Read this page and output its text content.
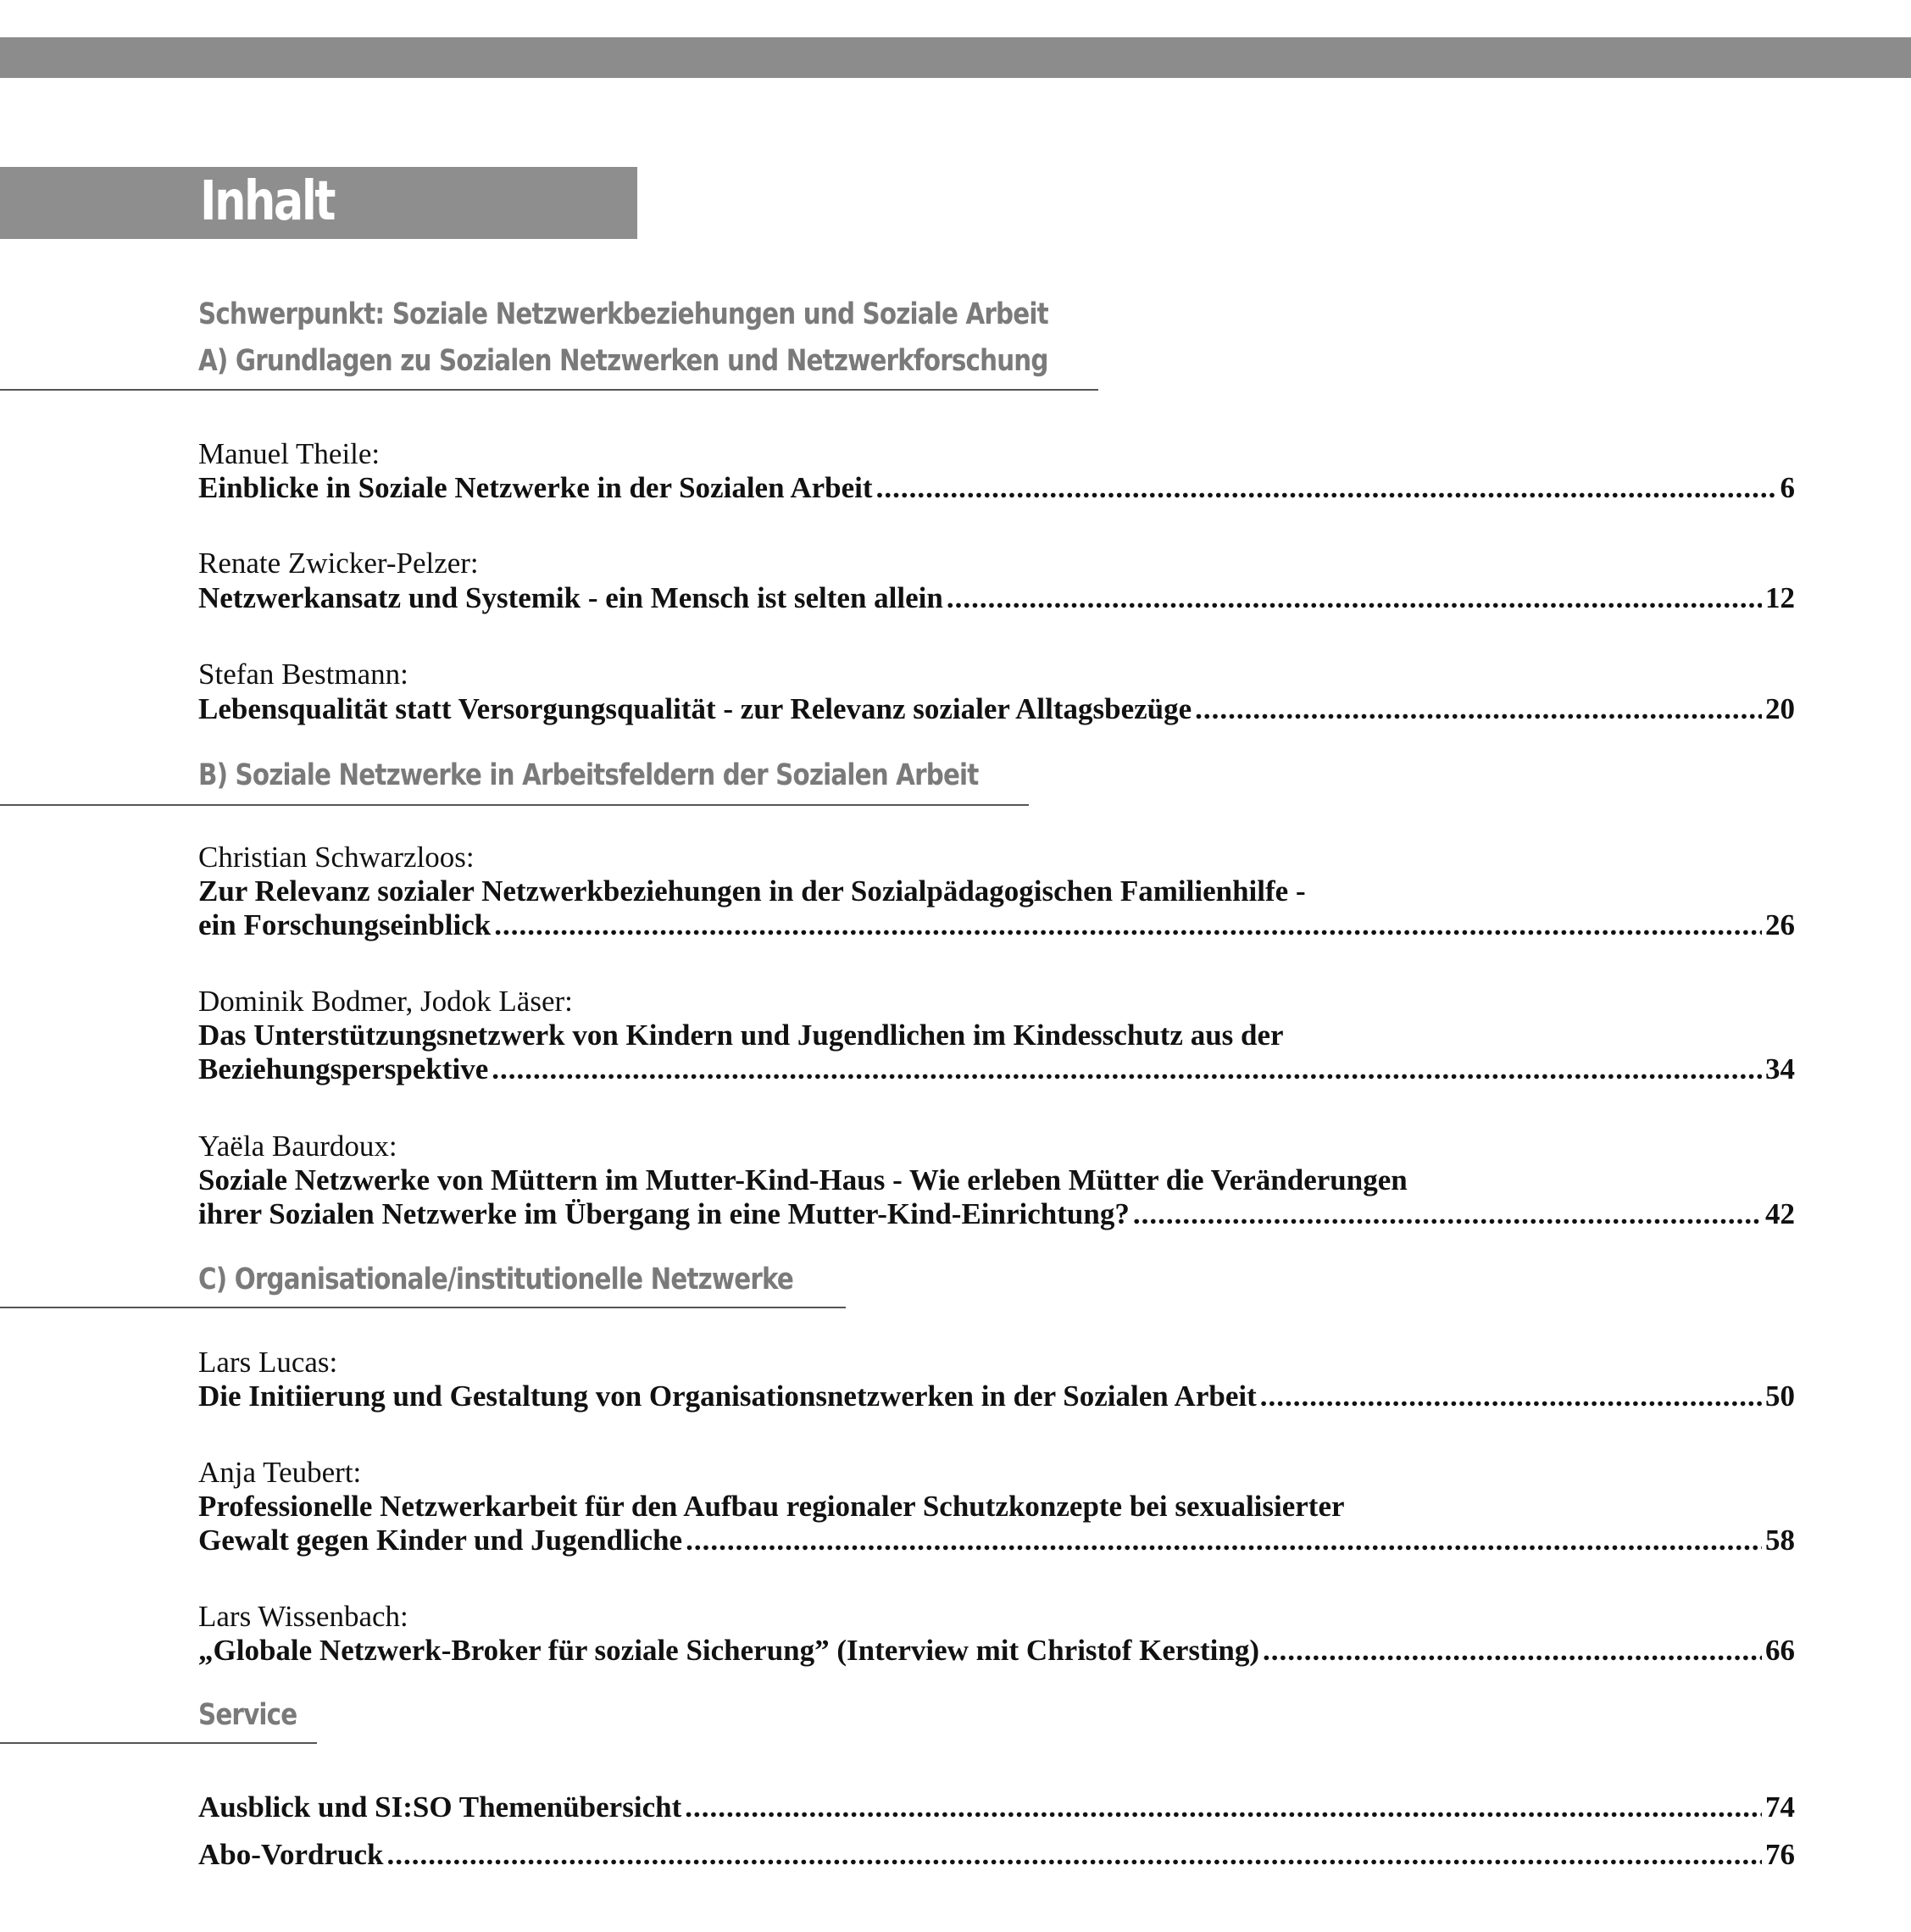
Inhalt
Schwerpunkt: Soziale Netzwerkbeziehungen und Soziale Arbeit
A) Grundlagen zu Sozialen Netzwerken und Netzwerkforschung
Manuel Theile:
Einblicke in Soziale Netzwerke in der Sozialen Arbeit .....	6
Renate Zwicker-Pelzer:
Netzwerkansatz und Systemik - ein Mensch ist selten allein .....	12
Stefan Bestmann:
Lebensqualität statt Versorgungsqualität - zur Relevanz sozialer Alltagsbezüge .....	20
B) Soziale Netzwerke in Arbeitsfeldern der Sozialen Arbeit
Christian Schwarzloos:
Zur Relevanz sozialer Netzwerkbeziehungen in der Sozialpädagogischen Familienhilfe -
ein Forschungseinblick .....	26
Dominik Bodmer, Jodok Läser:
Das Unterstützungsnetzwerk von Kindern und Jugendlichen im Kindesschutz aus der
Beziehungsperspektive .....	34
Yaëla Baurdoux:
Soziale Netzwerke von Müttern im Mutter-Kind-Haus - Wie erleben Mütter die Veränderungen
ihrer Sozialen Netzwerke im Übergang in eine Mutter-Kind-Einrichtung? .....	42
C) Organisationale/institutionelle Netzwerke
Lars Lucas:
Die Initiierung und Gestaltung von Organisationsnetzwerken in der Sozialen Arbeit .....	50
Anja Teubert:
Professionelle Netzwerkarbeit für den Aufbau regionaler Schutzkonzepte bei sexualisierter
Gewalt gegen Kinder und Jugendliche .....	58
Lars Wissenbach:
„Globale Netzwerk-Broker für soziale Sicherung” (Interview mit Christof Kersting) .....	66
Service
Ausblick und SI:SO Themenübersicht .....	74
Abo-Vordruck .....	76
